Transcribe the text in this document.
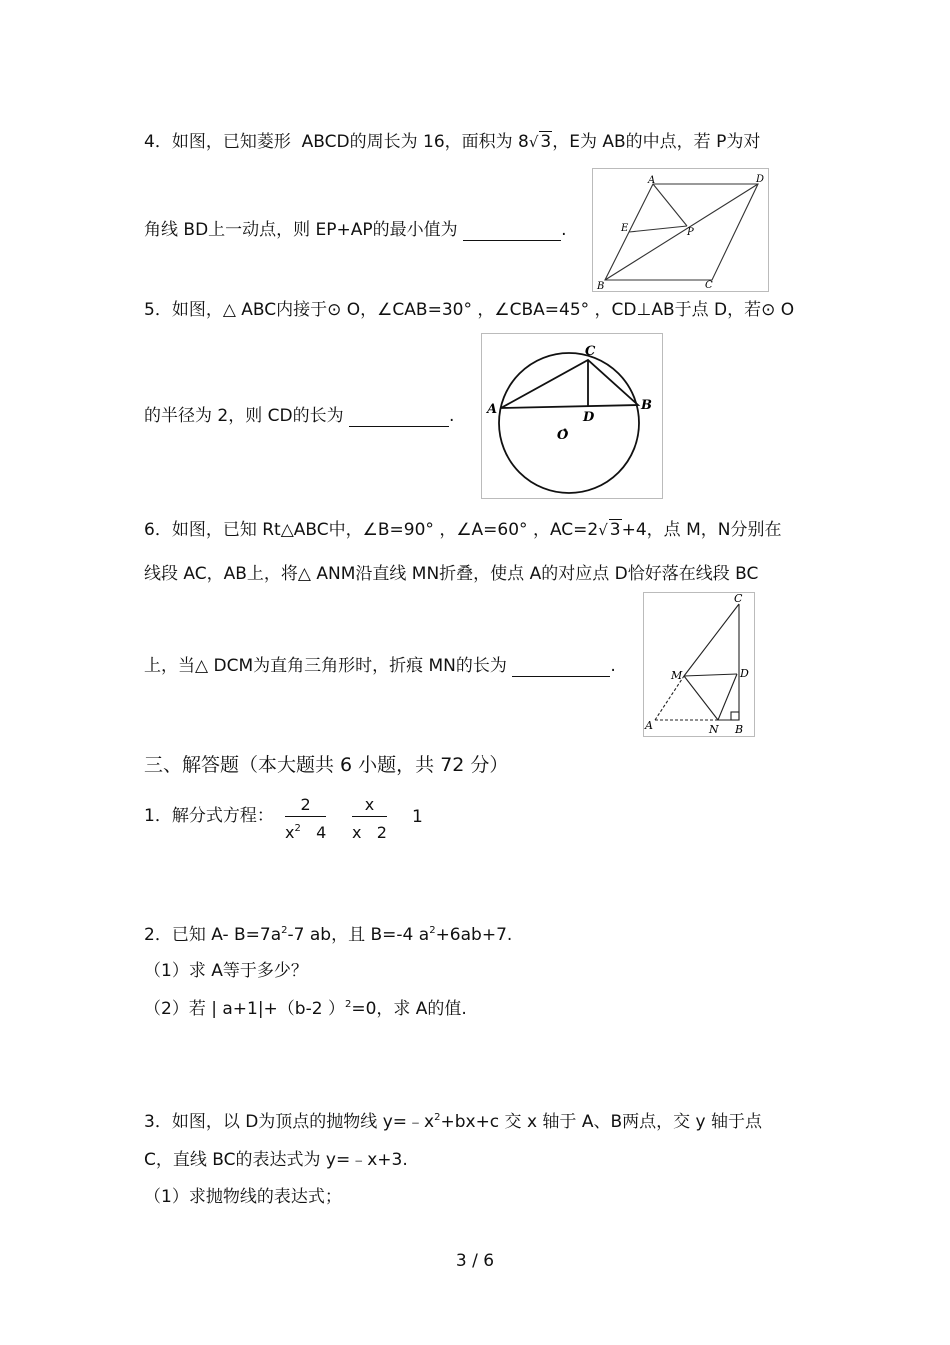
4．如图，已知菱形 ABCD的周长为 16，面积为 8√ 3，E为 AB的中点，若 P为对
角线 BD上一动点，则 EP+AP的最小值为	.
A	D
C
B
E	P
5．如图，△ ABC内接于⊙ O，∠CAB=30° ，∠CBA=45° ，CD⊥AB于点 D，若⊙ O
的半径为 2，则 CD的长为	.
C
A	B
D
O
6．如图，已知 Rt△ABC中，∠B=90° ，∠A=60° ，AC=2√ 3+4，点 M，N分别在
线段 AC，AB上，将△ ANM沿直线 MN折叠，使点 A的对应点 D恰好落在线段 BC
上，当△ DCM为直角三角形时，折痕 MN的长为	.
C
M	D
A	N B
三、解答题（本大题共 6 小题，共 72 分）
1．解分式方程： $\frac{2}{x^2 4} \frac{x}{x 2} 1$
2．已知 A- $B=7a^2-7$ ab，且 B=-4 $a^2+6ab+7$.
（1）求 A等于多少？
（2）若 | a+1|+（b-2 ）$^2$=0，求 A的值.
3．如图，以 D为顶点的抛物线 $y=﹣x^2+bx+c$ 交 x 轴于 A、B两点，交 y 轴于点
C，直线 BC的表达式为 y=﹣x+3.
（1）求抛物线的表达式；
3 / 6
